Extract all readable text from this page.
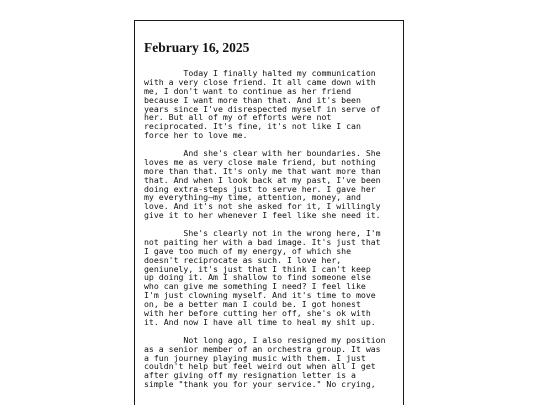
February 16, 2025

Today I finally halted my communication
with a very close friend. It all came down with
me, I don't want to continue as her friend
because I want more than that. And it's been
years since I've disrespected myself in serve of
her. But all of my of efforts were not
reciprocated. It's fine, it's not like I can
force her to love me.

And she's clear with her boundaries. She
loves me as very close male friend, but nothing
more than that. It's only me that want more than
that. And when I look back at my past, I've been
doing extra-steps just to serve her. I gave her
my everything—my time, attention, money, and
love. And it's not she asked for it, I willingly
give it to her whenever I feel like she need it.

She's clearly not in the wrong here, I'm
not paiting her with a bad image. It's just that
I gave too much of my energy, of which she
doesn't reciprocate as such. I love her,
geniunely, it's just that I think I can't keep
up doing it. Am I shallow to find someone else
who can give me something I need? I feel like
I'm just clowning myself. And it's time to move
on, be a better man I could be. I got honest
with her before cutting her off, she's ok with
it. And now I have all time to heal my shit up.

Not long ago, I also resigned my position
as a senior member of an orchestra group. It was
a fun journey playing music with them. I just
couldn't help but feel weird out when all I get
after giving off my resignation letter is a
simple "thank you for your service." No crying,
